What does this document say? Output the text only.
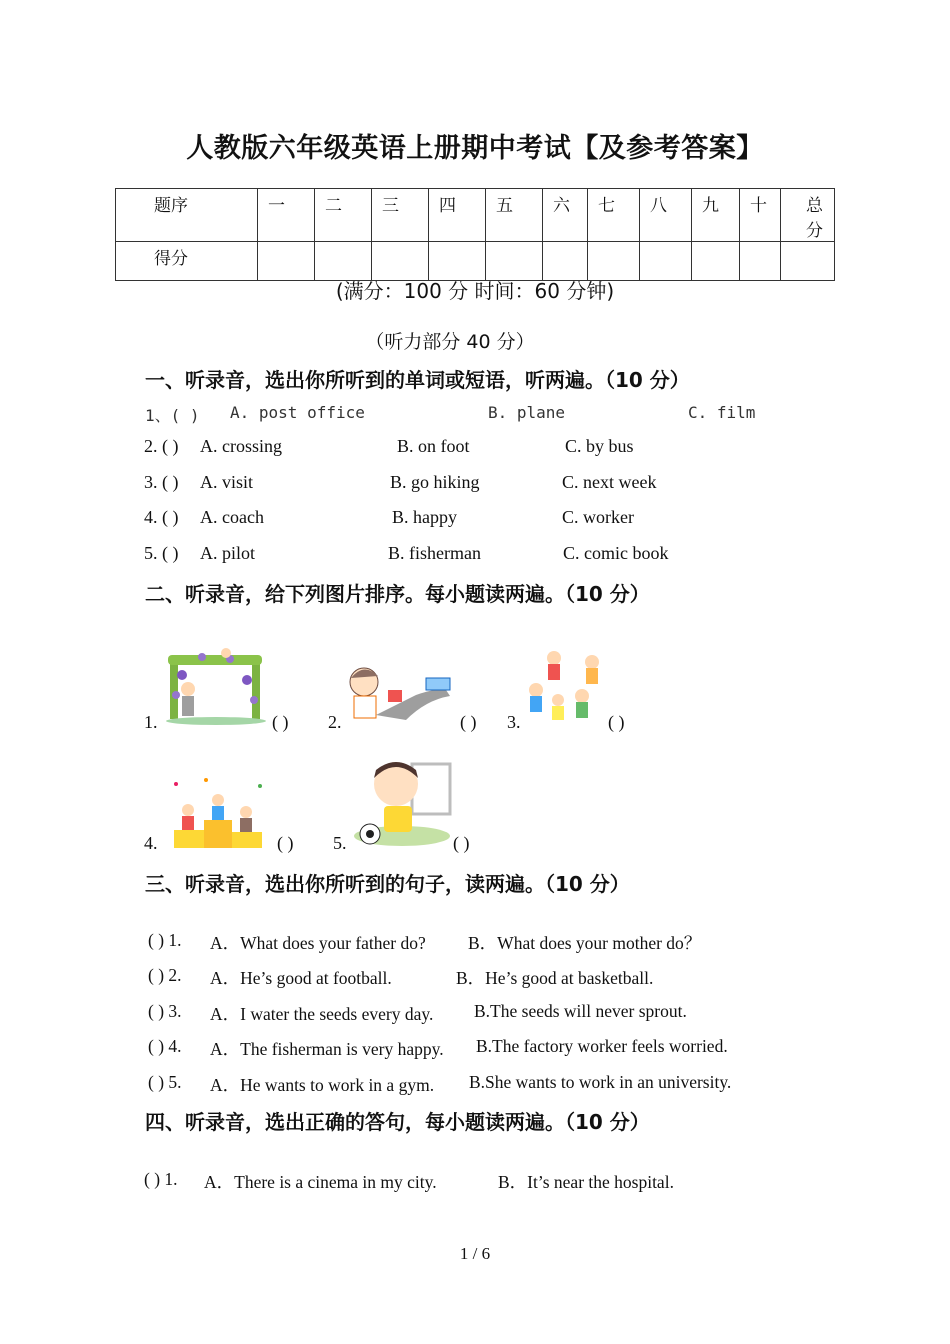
人教版六年级英语上册期中考试【及参考答案】
题序	一	二	三	四	五	六	七	八	九	十	总分
得分											
(满分：100 分 时间：60 分钟)
（听力部分 40 分）
一、听录音，选出你所听到的单词或短语，听两遍。（10 分）
1、( ) A. post office	B. plane	C. film
2. ( ) A. crossing	B. on foot	C. by bus
3. ( ) A. visit	B. go hiking	C. next week
4. ( ) A. coach	B. happy	C. worker
5. ( ) A. pilot	B. fisherman	C. comic book
二、听录音，给下列图片排序。每小题读两遍。（10 分）
1.	( ) 2.	( ) 3.	( )
4.	( ) 5.	( )
三、听录音，选出你所听到的句子，读两遍。（10 分）
( ) 1. A．What does your father do? B．What does your mother do？
( ) 2. A．He’s good at football.	B．He’s good at basketball.
( ) 3. A．I water the seeds every day. B.The seeds will never sprout.
( ) 4. A．The fisherman is very happy. B.The factory worker feels worried.
( ) 5. A．He wants to work in a gym. B.She wants to work in an university.
四、听录音，选出正确的答句，每小题读两遍。（10 分）
( ) 1. A．There is a cinema in my city.	B．It’s near the hospital.
1 / 6
